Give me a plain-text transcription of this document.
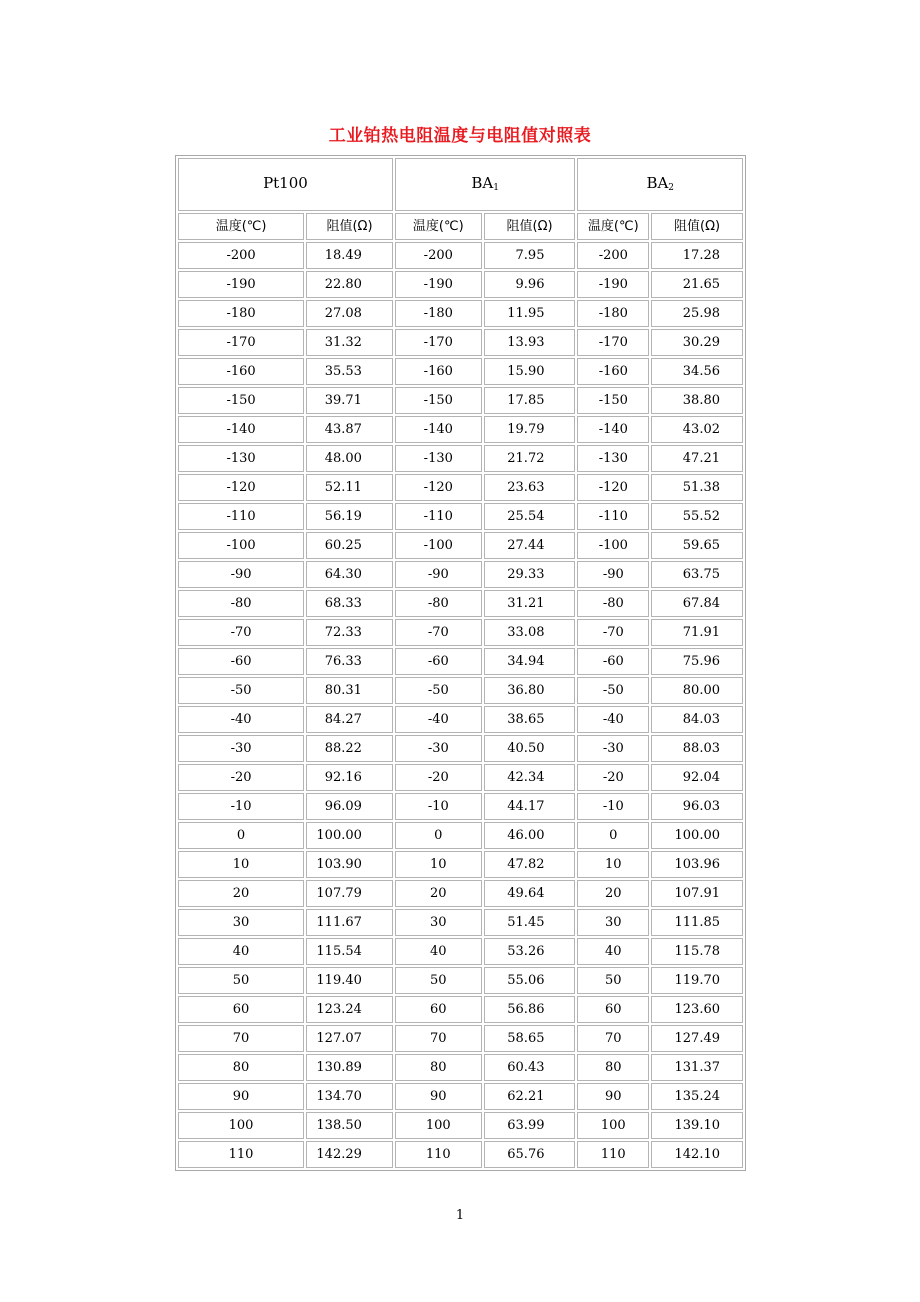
工业铂热电阻温度与电阻值对照表
Pt100		$BA_1$		$BA_2$
温度(℃)	阻值(Ω)	温度(℃)	阻值(Ω)	温度(℃)	阻值(Ω)
-200	18.49	-200	7.95	-200	17.28
-190	22.80	-190	9.96	-190	21.65
-180	27.08	-180	11.95	-180	25.98
-170	31.32	-170	13.93	-170	30.29
-160	35.53	-160	15.90	-160	34.56
-150	39.71	-150	17.85	-150	38.80
-140	43.87	-140	19.79	-140	43.02
-130	48.00	-130	21.72	-130	47.21
-120	52.11	-120	23.63	-120	51.38
-110	56.19	-110	25.54	-110	55.52
-100	60.25	-100	27.44	-100	59.65
-90	64.30	-90	29.33	-90	63.75
-80	68.33	-80	31.21	-80	67.84
-70	72.33	-70	33.08	-70	71.91
-60	76.33	-60	34.94	-60	75.96
-50	80.31	-50	36.80	-50	80.00
-40	84.27	-40	38.65	-40	84.03
-30	88.22	-30	40.50	-30	88.03
-20	92.16	-20	42.34	-20	92.04
-10	96.09	-10	44.17	-10	96.03
0	100.00	0	46.00	0	100.00
10	103.90	10	47.82	10	103.96
20	107.79	20	49.64	20	107.91
30	111.67	30	51.45	30	111.85
40	115.54	40	53.26	40	115.78
50	119.40	50	55.06	50	119.70
60	123.24	60	56.86	60	123.60
70	127.07	70	58.65	70	127.49
80	130.89	80	60.43	80	131.37
90	134.70	90	62.21	90	135.24
100	138.50	100	63.99	100	139.10
110	142.29	110	65.76	110	142.10
1
